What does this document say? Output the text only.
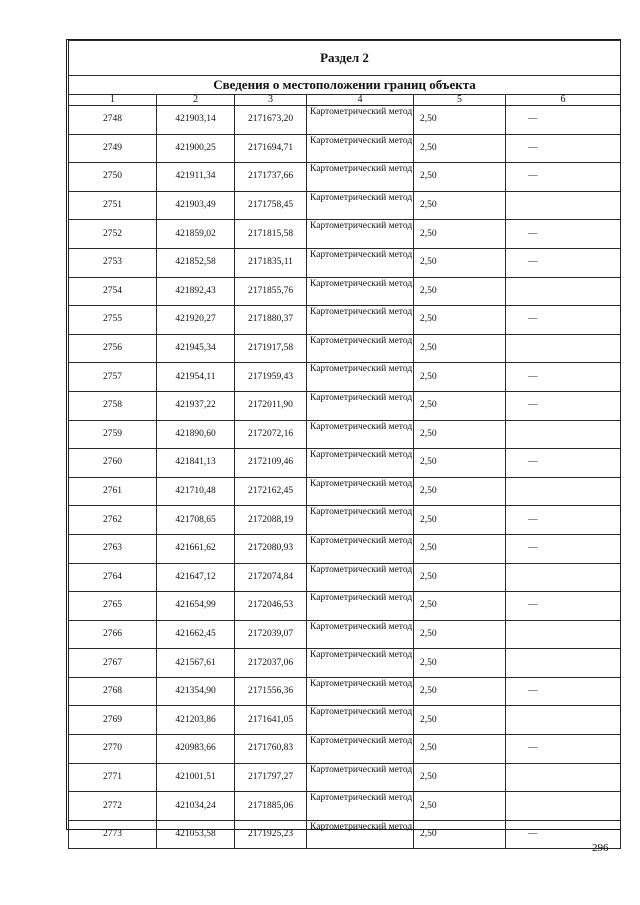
Раздел 2					
Сведения о местоположении границ объекта					
1	2	3	4	5	6
2748	421903,14	2171673,20	Картометрический метод	2,50	—
2749	421900,25	2171694,71	Картометрический метод	2,50	—
2750	421911,34	2171737,66	Картометрический метод	2,50	—
2751	421903,49	2171758,45	Картометрический метод	2,50	
2752	421859,02	2171815,58	Картометрический метод	2,50	—
2753	421852,58	2171835,11	Картометрический метод	2,50	—
2754	421892,43	2171855,76	Картометрический метод	2,50	
2755	421920,27	2171880,37	Картометрический метод	2,50	—
2756	421945,34	2171917,58	Картометрический метод	2,50	
2757	421954,11	2171959,43	Картометрический метод	2,50	—
2758	421937,22	2172011,90	Картометрический метод	2,50	—
2759	421890,60	2172072,16	Картометрический метод	2,50	
2760	421841,13	2172109,46	Картометрический метод	2,50	—
2761	421710,48	2172162,45	Картометрический метод	2,50	
2762	421708,65	2172088,19	Картометрический метод	2,50	—
2763	421661,62	2172080,93	Картометрический метод	2,50	—
2764	421647,12	2172074,84	Картометрический метод	2,50	
2765	421654,99	2172046,53	Картометрический метод	2,50	—
2766	421662,45	2172039,07	Картометрический метод	2,50	
2767	421567,61	2172037,06	Картометрический метод	2,50	
2768	421354,90	2171556,36	Картометрический метод	2,50	—
2769	421203,86	2171641,05	Картометрический метод	2,50	
2770	420983,66	2171760,83	Картометрический метод	2,50	—
2771	421001,51	2171797,27	Картометрический метод	2,50	
2772	421034,24	2171885,06	Картометрический метод	2,50	
2773	421053,58	2171925,23	Картометрический метод	2,50	—
296
